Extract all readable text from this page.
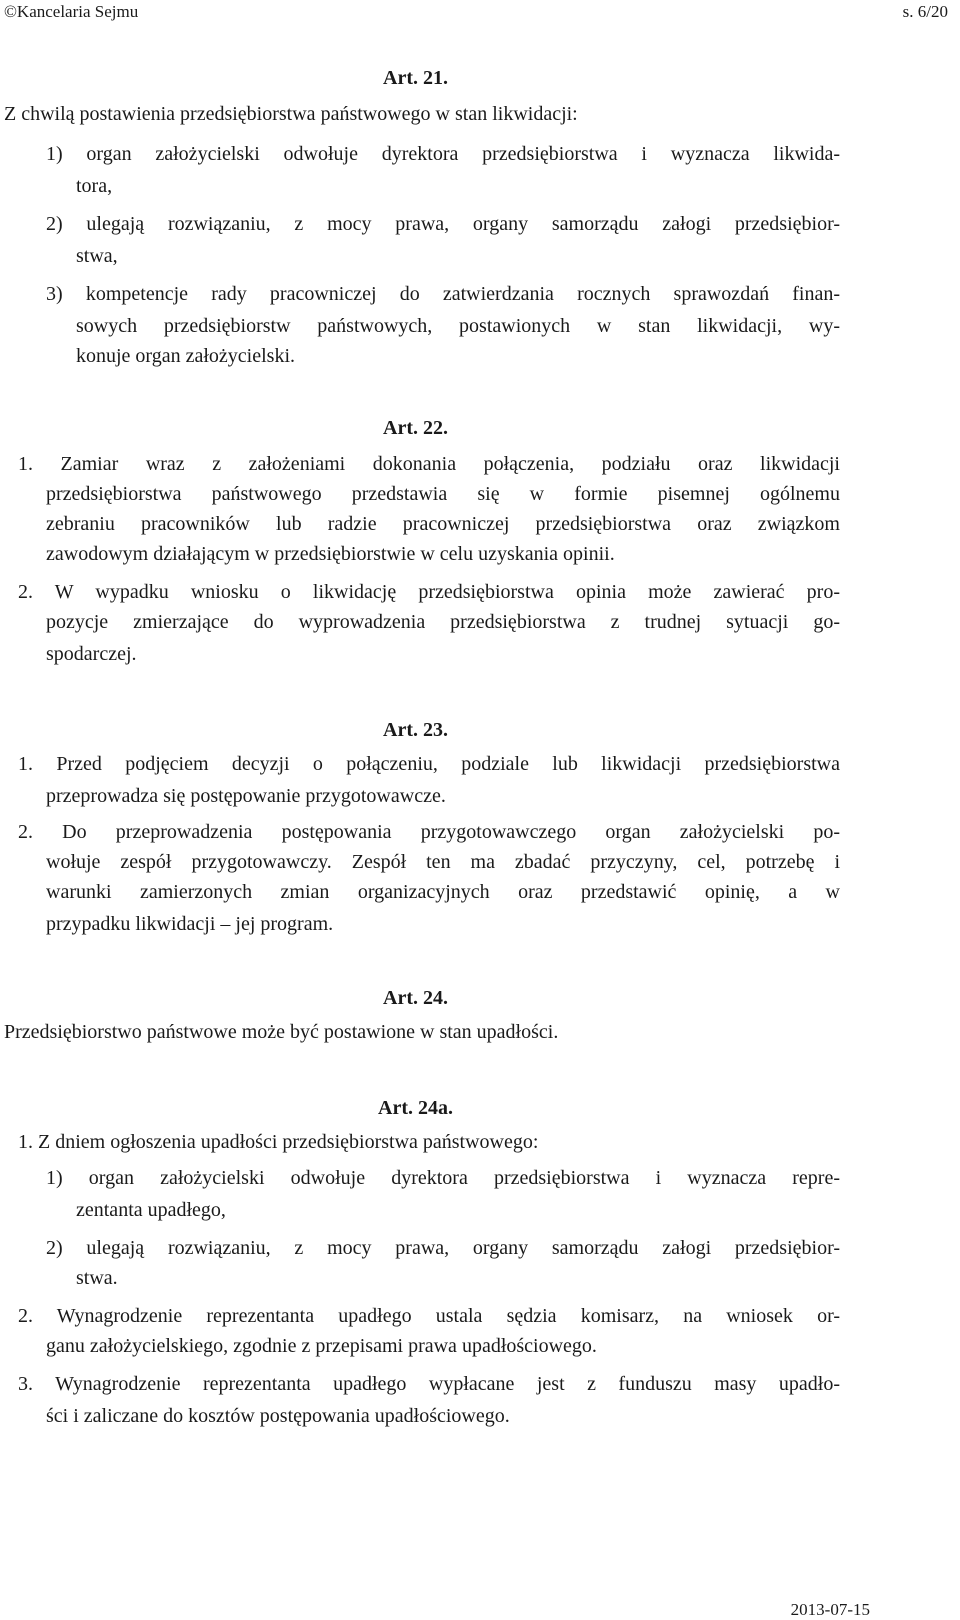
©Kancelaria Sejmu	s. 6/20
Art. 21.
Z chwilą postawienia przedsiębiorstwa państwowego w stan likwidacji:
1) organ założycielski odwołuje dyrektora przedsiębiorstwa i wyznacza likwida-
tora,
2) ulegają rozwiązaniu, z mocy prawa, organy samorządu załogi przedsiębior-
stwa,
3) kompetencje rady pracowniczej do zatwierdzania rocznych sprawozdań finan-
sowych przedsiębiorstw państwowych, postawionych w stan likwidacji, wy-
konuje organ założycielski.
Art. 22.
1. Zamiar wraz z założeniami dokonania połączenia, podziału oraz likwidacji
przedsiębiorstwa państwowego przedstawia się w formie pisemnej ogólnemu
zebraniu pracowników lub radzie pracowniczej przedsiębiorstwa oraz związkom
zawodowym działającym w przedsiębiorstwie w celu uzyskania opinii.
2. W wypadku wniosku o likwidację przedsiębiorstwa opinia może zawierać pro-
pozycje zmierzające do wyprowadzenia przedsiębiorstwa z trudnej sytuacji go-
spodarczej.
Art. 23.
1. Przed podjęciem decyzji o połączeniu, podziale lub likwidacji przedsiębiorstwa
przeprowadza się postępowanie przygotowawcze.
2. Do przeprowadzenia postępowania przygotowawczego organ założycielski po-
wołuje zespół przygotowawczy. Zespół ten ma zbadać przyczyny, cel, potrzebę i
warunki zamierzonych zmian organizacyjnych oraz przedstawić opinię, a w
przypadku likwidacji – jej program.
Art. 24.
Przedsiębiorstwo państwowe może być postawione w stan upadłości.
Art. 24a.
1. Z dniem ogłoszenia upadłości przedsiębiorstwa państwowego:
1) organ założycielski odwołuje dyrektora przedsiębiorstwa i wyznacza repre-
zentanta upadłego,
2) ulegają rozwiązaniu, z mocy prawa, organy samorządu załogi przedsiębior-
stwa.
2. Wynagrodzenie reprezentanta upadłego ustala sędzia komisarz, na wniosek or-
ganu założycielskiego, zgodnie z przepisami prawa upadłościowego.
3. Wynagrodzenie reprezentanta upadłego wypłacane jest z funduszu masy upadło-
ści i zaliczane do kosztów postępowania upadłościowego.
2013-07-15
